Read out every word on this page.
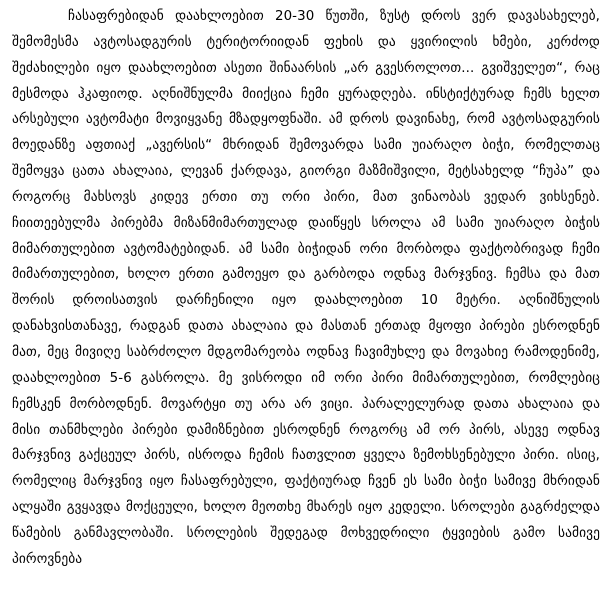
ჩასაფრებიდან დაახლოებით 20-30 წუთში, ზუსტ დროს ვერ დავასახელებ, შემომესმა ავტოსადგურის ტერიტორიიდან ფეხის და ყვირილის ხმები, კერძოდ შეძახილები იყო დაახლოებით ასეთი შინაარსის „არ გვესროლოთ... გვიშველეთ“, რაც მესმოდა ჰკაფიოდ. აღნიშნულმა მიიქცია ჩემი ყურადღება. ინსტიქტურად ჩემს ხელთ არსებული ავტომატი მოვიყვანე მზადყოფნაში. ამ დროს დავინახე, რომ ავტოსადგურის მოედანზე აფთიაქ „ავერსის“ მხრიდან შემოვარდა სამი უიარაღო ბიჭი, რომელთაც შემოყვა ცათა ახალაია, ლევან ქარდავა, გიორგი მაზმიშვილი, მეტსახელდ “ჩუპა” და როგორც მახსოვს კიდევ ერთი თუ ორი პირი, მათ ვინაობას ვედარ ვიხსენებ. ჩიითეებულმა პირებმა მიზანმიმართულად დაიწყეს სროლა ამ სამი უიარაღო ბიჭის მიმართულებით ავტომატებიდან. ამ სამი ბიჭიდან ორი მორბოდა ფაქტობრივად ჩემი მიმართულებით, ხოლო ერთი გამოეყო და გარბოდა ოდნავ მარჯვნივ. ჩემსა და მათ შორის დროისათვის დარჩენილი იყო დაახლოებით 10 მეტრი. აღნიშნულის დანახვისთანავე, რადგან დათა ახალაია და მასთან ერთად მყოფი პირები ესროდნენ მათ, მეც მივიღე საბრძოლო მდგომარეობა ოდნავ ჩავიმუხლე და მოვახიე რამოდენიმე, დაახლოებით 5-6 გასროლა. მე ვისროდი იმ ორი პირი მიმართულებით, რომლებიც ჩემსკენ მორბოდნენ. მოვარტყი თუ არა არ ვიცი. პარალელურად დათა ახალაია და მისი თანმხლები პირები დამიზნებით ესროდნენ როგორც ამ ორ პირს, ასევე ოდნავ მარჯვნივ გაქცეულ პირს, ისროდა ჩემის ჩათვლით ყველა ზემოხსენებული პირი. ისიც, რომელიც მარჯვნივ იყო ჩასაფრებული, ფაქტიურად ჩვენ ეს სამი ბიჭი სამივე მხრიდან ალყაში გვყავდა მოქცეული, ხოლო მეოთხე მხარეს იყო კედელი. სროლები გაგრძელდა წამების განმავლობაში. სროლების შედეგად მოხვედრილი ტყვიების გამო სამივე პიროვნება
